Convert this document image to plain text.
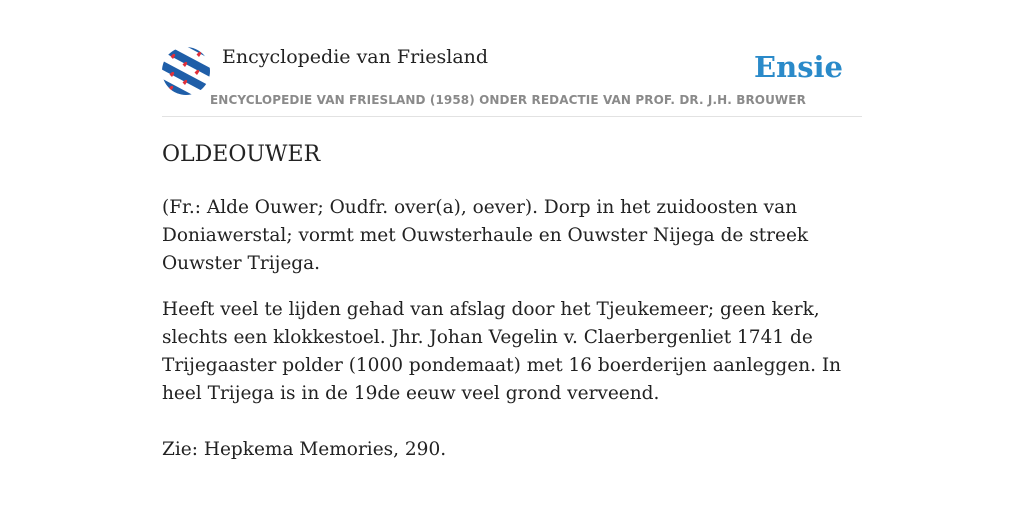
Encyclopedie van Friesland	Ensie
ENCYCLOPEDIE VAN FRIESLAND (1958) ONDER REDACTIE VAN PROF. DR. J.H. BROUWER
OLDEOUWER

(Fr.: Alde Ouwer; Oudfr. over(a), oever). Dorp in het zuidoosten van Doniawerstal; vormt met Ouwsterhaule en Ouwster Nijega de streek Ouwster Trijega.

Heeft veel te lijden gehad van afslag door het Tjeukemeer; geen kerk, slechts een klokkestoel. Jhr. Johan Vegelin v. Claerbergenliet 1741 de Trijegaaster polder (1000 pondemaat) met 16 boerderijen aanleggen. In heel Trijega is in de 19de eeuw veel grond verveend.

Zie: Hepkema Memories, 290.
